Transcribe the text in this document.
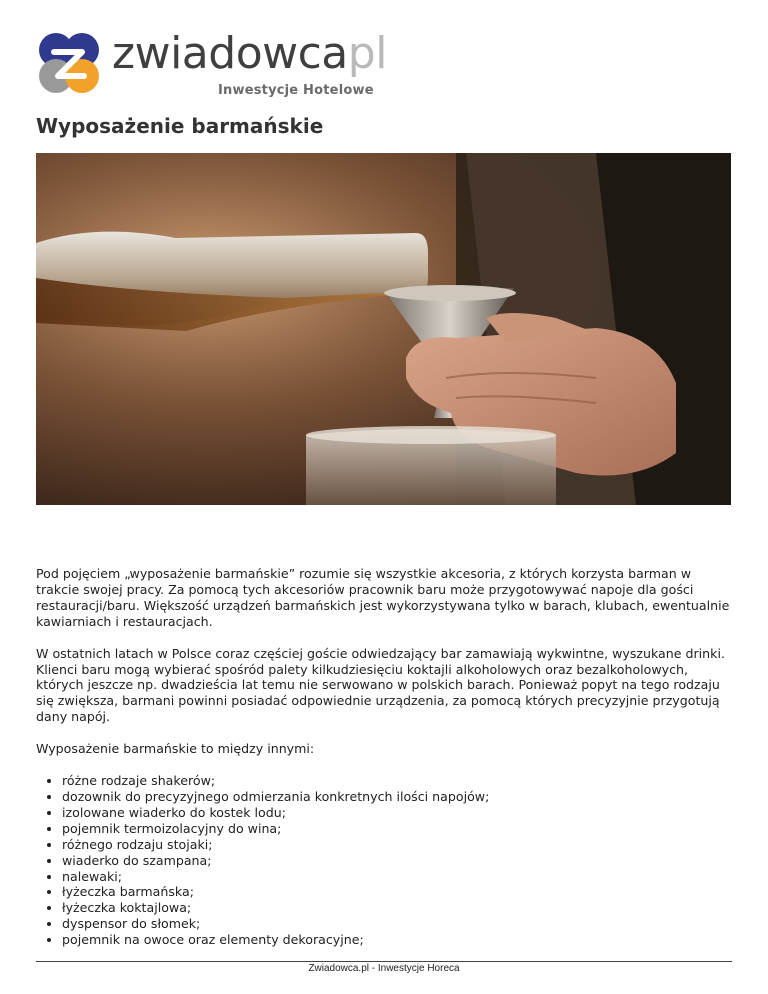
zwiadowcapl
Inwestycje Hotelowe
Wyposażenie barmańskie

Pod pojęciem „wyposażenie barmańskie” rozumie się wszystkie akcesoria, z których korzysta barman w trakcie swojej pracy. Za pomocą tych akcesoriów pracownik baru może przygotowywać napoje dla gości restauracji/baru. Większość urządzeń barmańskich jest wykorzystywana tylko w barach, klubach, ewentualnie kawiarniach i restauracjach.

W ostatnich latach w Polsce coraz częściej goście odwiedzający bar zamawiają wykwintne, wyszukane drinki. Klienci baru mogą wybierać spośród palety kilkudziesięciu koktajli alkoholowych oraz bezalkoholowych, których jeszcze np. dwadzieścia lat temu nie serwowano w polskich barach. Ponieważ popyt na tego rodzaju się zwiększa, barmani powinni posiadać odpowiednie urządzenia, za pomocą których precyzyjnie przygotują dany napój.

Wyposażenie barmańskie to między innymi:

• różne rodzaje shakerów;
• dozownik do precyzyjnego odmierzania konkretnych ilości napojów;
• izolowane wiaderko do kostek lodu;
• pojemnik termoizolacyjny do wina;
• różnego rodzaju stojaki;
• wiaderko do szampana;
• nalewaki;
• łyżeczka barmańska;
• łyżeczka koktajlowa;
• dyspensor do słomek;
• pojemnik na owoce oraz elementy dekoracyjne;
Zwiadowca.pl - Inwestycje Horeca
